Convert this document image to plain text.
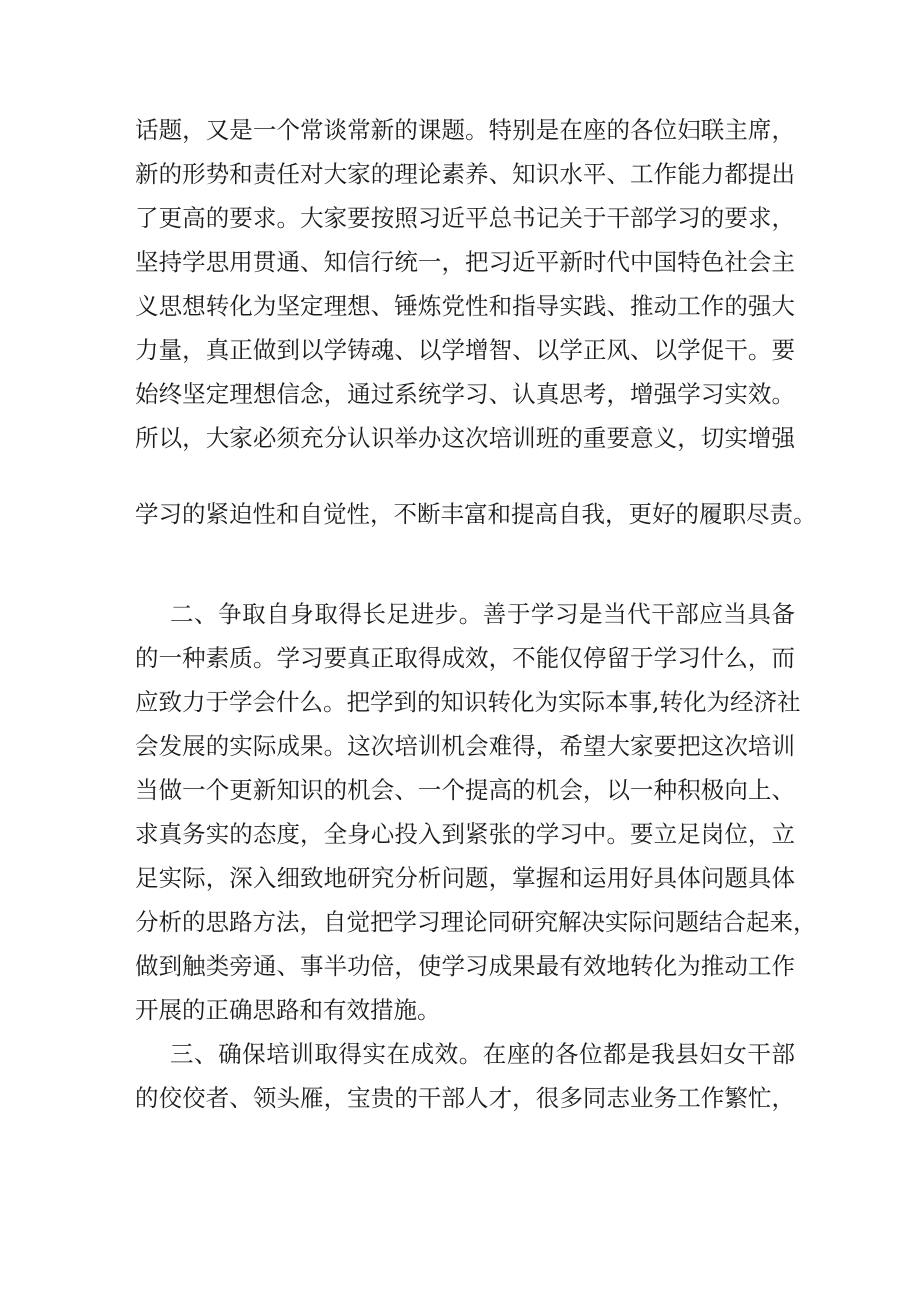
话题，又是一个常谈常新的课题。特别是在座的各位妇联主席，
新的形势和责任对大家的理论素养、知识水平、工作能力都提出
了更高的要求。大家要按照习近平总书记关于干部学习的要求，
坚持学思用贯通、知信行统一，把习近平新时代中国特色社会主
义思想转化为坚定理想、锤炼党性和指导实践、推动工作的强大
力量，真正做到以学铸魂、以学增智、以学正风、以学促干。要
始终坚定理想信念，通过系统学习、认真思考，增强学习实效。
所以，大家必须充分认识举办这次培训班的重要意义，切实增强
学习的紧迫性和自觉性，不断丰富和提高自我，更好的履职尽责。
二、争取自身取得长足进步。善于学习是当代干部应当具备
的一种素质。学习要真正取得成效，不能仅停留于学习什么，而
应致力于学会什么。把学到的知识转化为实际本事,转化为经济社
会发展的实际成果。这次培训机会难得，希望大家要把这次培训
当做一个更新知识的机会、一个提高的机会，以一种积极向上、
求真务实的态度，全身心投入到紧张的学习中。要立足岗位，立
足实际，深入细致地研究分析问题，掌握和运用好具体问题具体
分析的思路方法，自觉把学习理论同研究解决实际问题结合起来，
做到触类旁通、事半功倍，使学习成果最有效地转化为推动工作
开展的正确思路和有效措施。
三、确保培训取得实在成效。在座的各位都是我县妇女干部
的佼佼者、领头雁，宝贵的干部人才，很多同志业务工作繁忙，
